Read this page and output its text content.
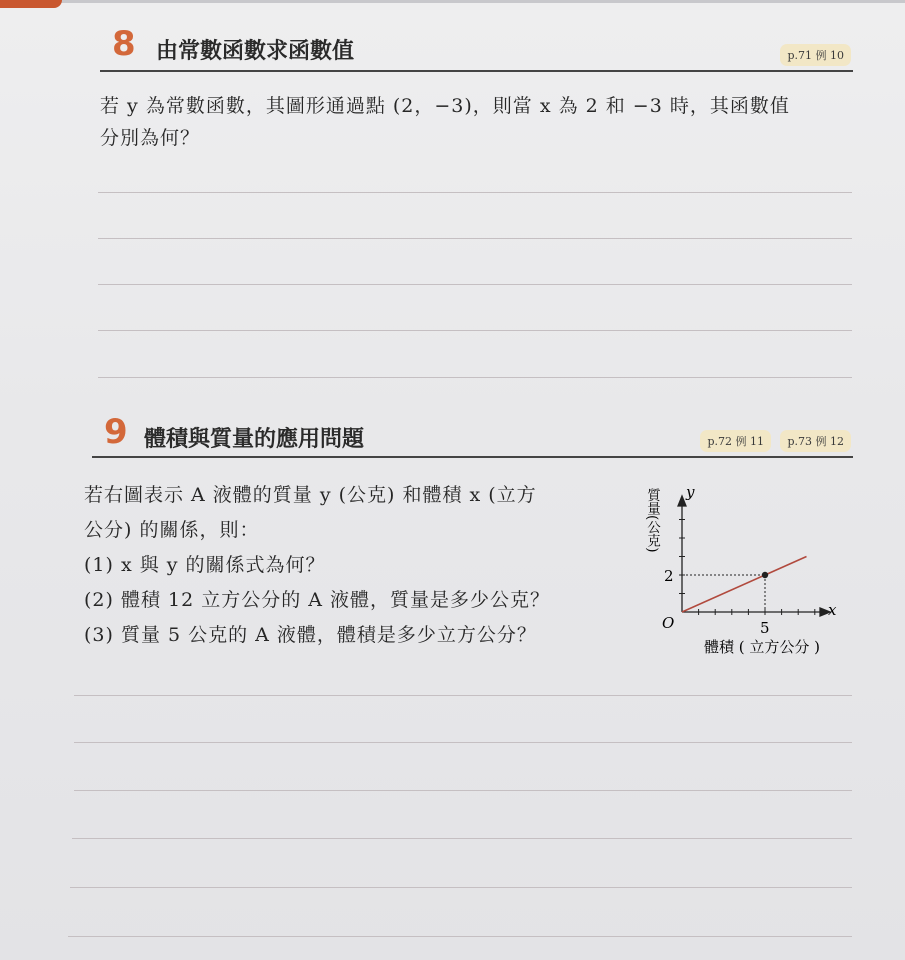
8 由常數函數求函數值	p.71 例 10
若 y 為常數函數，其圖形通過點 (2，−3)，則當 x 為 2 和 −3 時，其函數值
分別為何？
9 體積與質量的應用問題	p.72 例 11	p.73 例 12
若右圖表示 A 液體的質量 y (公克) 和體積 x (立方
公分) 的關係，則：
(1) x 與 y 的關係式為何？
(2) 體積 12 立方公分的 A 液體，質量是多少公克？
(3) 質量 5 公克的 A 液體，體積是多少立方公分？
y
x
O
2
5
質量(公克)
體積 ( 立方公分 )
